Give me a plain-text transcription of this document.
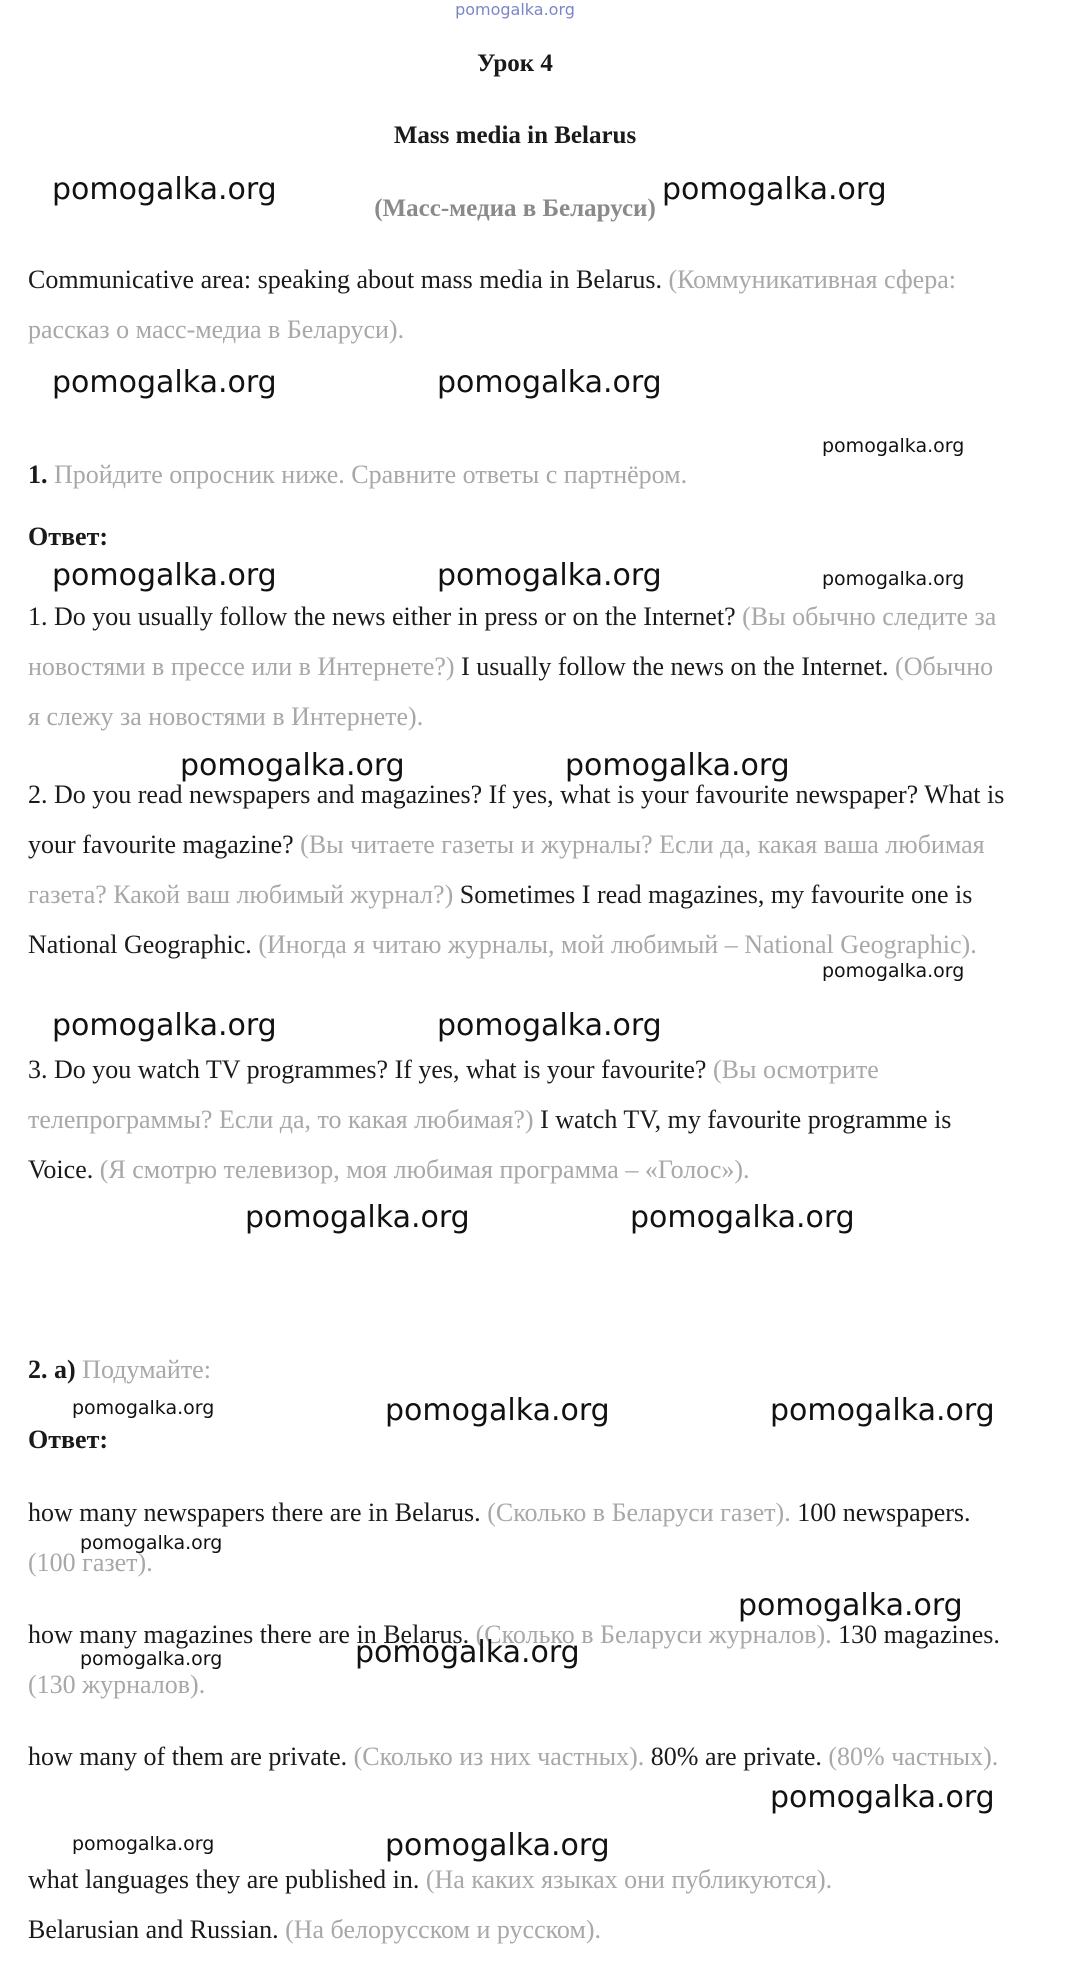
pomogalka.org
Урок 4
Mass media in Belarus
(Масс-медиа в Беларуси)

Communicative area: speaking about mass media in Belarus. (Коммуникативная сфера: рассказ о масс-медиа в Беларуси).

1. Пройдите опросник ниже. Сравните ответы с партнёром.

Ответ:

1. Do you usually follow the news either in press or on the Internet? (Вы обычно следите за новостями в прессе или в Интернете?) I usually follow the news on the Internet. (Обычно я слежу за новостями в Интернете).

2. Do you read newspapers and magazines? If yes, what is your favourite newspaper? What is your favourite magazine? (Вы читаете газеты и журналы? Если да, какая ваша любимая газета? Какой ваш любимый журнал?) Sometimes I read magazines, my favourite one is National Geographic. (Иногда я читаю журналы, мой любимый – National Geographic).

3. Do you watch TV programmes? If yes, what is your favourite? (Вы осмотрите телепрограммы? Если да, то какая любимая?) I watch TV, my favourite programme is Voice. (Я смотрю телевизор, моя любимая программа – «Голос»).

2. a) Подумайте:

Ответ:

how many newspapers there are in Belarus. (Сколько в Беларуси газет). 100 newspapers. (100 газет).

how many magazines there are in Belarus. (Сколько в Беларуси журналов). 130 magazines. (130 журналов).

how many of them are private. (Сколько из них частных). 80% are private. (80% частных).

what languages they are published in. (На каких языках они публикуются).
Belarusian and Russian. (На белорусском и русском).

pomogalka.org	pomogalka.org
pomogalka.org	pomogalka.org
pomogalka.org
pomogalka.org	pomogalka.org	pomogalka.org
pomogalka.org	pomogalka.org
pomogalka.org
pomogalka.org	pomogalka.org
pomogalka.org	pomogalka.org
pomogalka.org	pomogalka.org	pomogalka.org
pomogalka.org
pomogalka.org
pomogalka.org	pomogalka.org
pomogalka.org
pomogalka.org	pomogalka.org
